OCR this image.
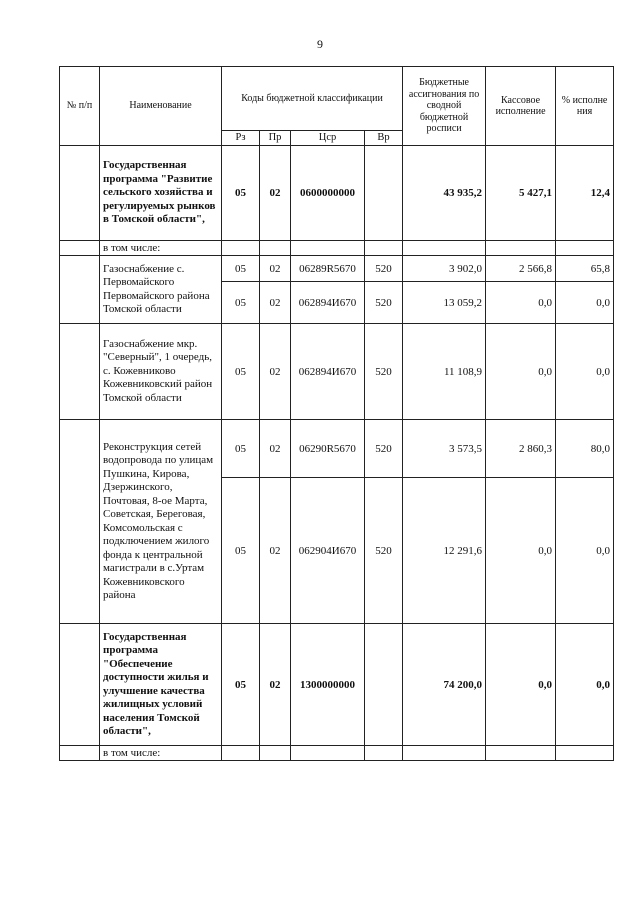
9
№ п/п	Наименование	Коды бюджетной классификации				Бюджетные ассигнования по сводной бюджетной росписи	Кассовое исполнение	% исполне ния
		Рз	Пр	Цср	Вр			
	Государственная программа "Развитие сельского хозяйства и регулируемых рынков в Томской области",	05	02	0600000000		43 935,2	5 427,1	12,4
	в том числе:							
	Газоснабжение с. Первомайского Первомайского района Томской области	05	02	06289R5670	520	3 902,0	2 566,8	65,8
		05	02	062894И670	520	13 059,2	0,0	0,0
	Газоснабжение мкр. "Северный", 1 очередь, с. Кожевниково Кожевниковский район Томской области	05	02	062894И670	520	11 108,9	0,0	0,0
	Реконструкция сетей водопровода по улицам Пушкина, Кирова, Дзержинского, Почтовая, 8-ое Марта, Советская, Береговая, Комсомольская с подключением жилого фонда к центральной магистрали в с.Уртам Кожевниковского района	05	02	06290R5670	520	3 573,5	2 860,3	80,0
		05	02	062904И670	520	12 291,6	0,0	0,0
	Государственная программа "Обеспечение доступности жилья и улучшение качества жилищных условий населения Томской области",	05	02	1300000000		74 200,0	0,0	0,0
	в том числе:							
